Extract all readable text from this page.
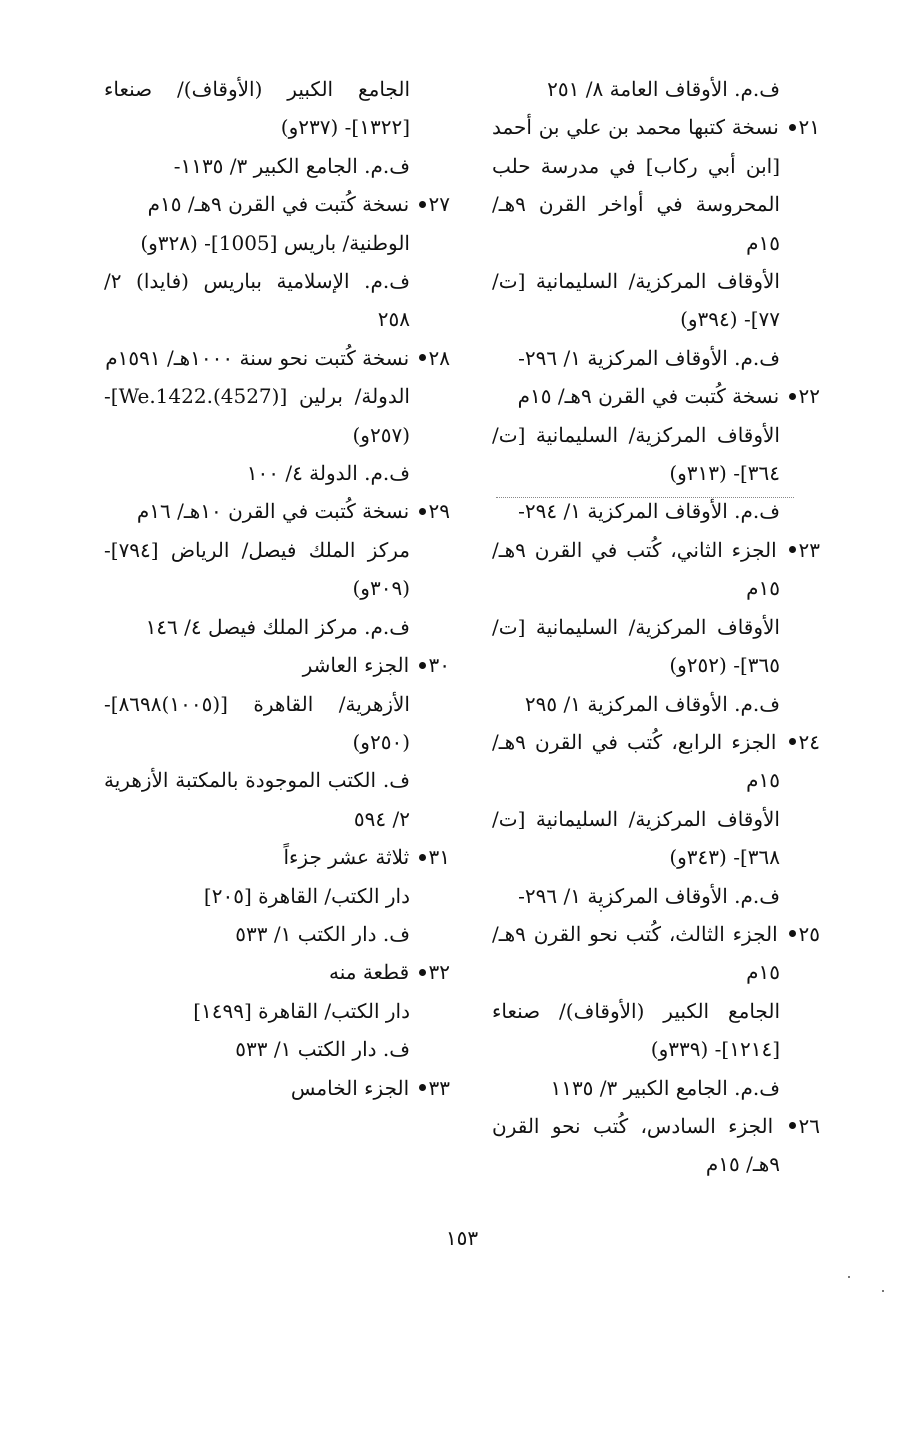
ف.م. الأوقاف العامة ٨/ ٢٥١
٢١ نسخة كتبها محمد بن علي بن أحمد [ابن أبي ركاب] في مدرسة حلب المحروسة في أواخر القرن ٩هـ/ ١٥م
الأوقاف المركزية/ السليمانية [ت/٧٧]- (٣٩٤و)
ف.م. الأوقاف المركزية ١/ ٢٩٦-
٢٢ نسخة كُتبت في القرن ٩هـ/ ١٥م
الأوقاف المركزية/ السليمانية [ت/٣٦٤]- (٣١٣و)
ف.م. الأوقاف المركزية ١/ ٢٩٤-
٢٣ الجزء الثاني، كُتب في القرن ٩هـ/ ١٥م
الأوقاف المركزية/ السليمانية [ت/٣٦٥]- (٢٥٢و)
ف.م. الأوقاف المركزية ١/ ٢٩٥
٢٤ الجزء الرابع، كُتب في القرن ٩هـ/ ١٥م
الأوقاف المركزية/ السليمانية [ت/٣٦٨]- (٣٤٣و)
ف.م. الأوقاف المركزية ١/ ٢٩٦-
٢٥ الجزء الثالث، كُتب نحو القرن ٩هـ/ ١٥م
الجامع الكبير (الأوقاف)/ صنعاء [١٢١٤]- (٣٣٩و)
ف.م. الجامع الكبير ٣/ ١١٣٥
٢٦ الجزء السادس، كُتب نحو القرن ٩هـ/ ١٥م
الجامع الكبير (الأوقاف)/ صنعاء [١٣٢٢]- (٢٣٧و)
ف.م. الجامع الكبير ٣/ ١١٣٥-
٢٧ نسخة كُتبت في القرن ٩هـ/ ١٥م
الوطنية/ باريس [1005]- (٣٢٨و)
ف.م. الإسلامية بباريس (فايدا) ٢/ ٢٥٨
٢٨ نسخة كُتبت نحو سنة ١٠٠٠هـ/ ١٥٩١م
الدولة/ برلين [We.1422.(4527)]- (٢٥٧و)
ف.م. الدولة ٤/ ١٠٠
٢٩ نسخة كُتبت في القرن ١٠هـ/ ١٦م
مركز الملك فيصل/ الرياض [٧٩٤]- (٣٠٩و)
ف.م. مركز الملك فيصل ٤/ ١٤٦
٣٠ الجزء العاشر
الأزهرية/ القاهرة [(١٠٠٥)٨٦٩٨]- (٢٥٠و)
ف. الكتب الموجودة بالمكتبة الأزهرية ٢/ ٥٩٤
٣١ ثلاثة عشر جزءاً
دار الكتب/ القاهرة [٢٠٥]
ف. دار الكتب ١/ ٥٣٣
٣٢ قطعة منه
دار الكتب/ القاهرة [١٤٩٩]
ف. دار الكتب ١/ ٥٣٣
٣٣ الجزء الخامس
١٥٣
